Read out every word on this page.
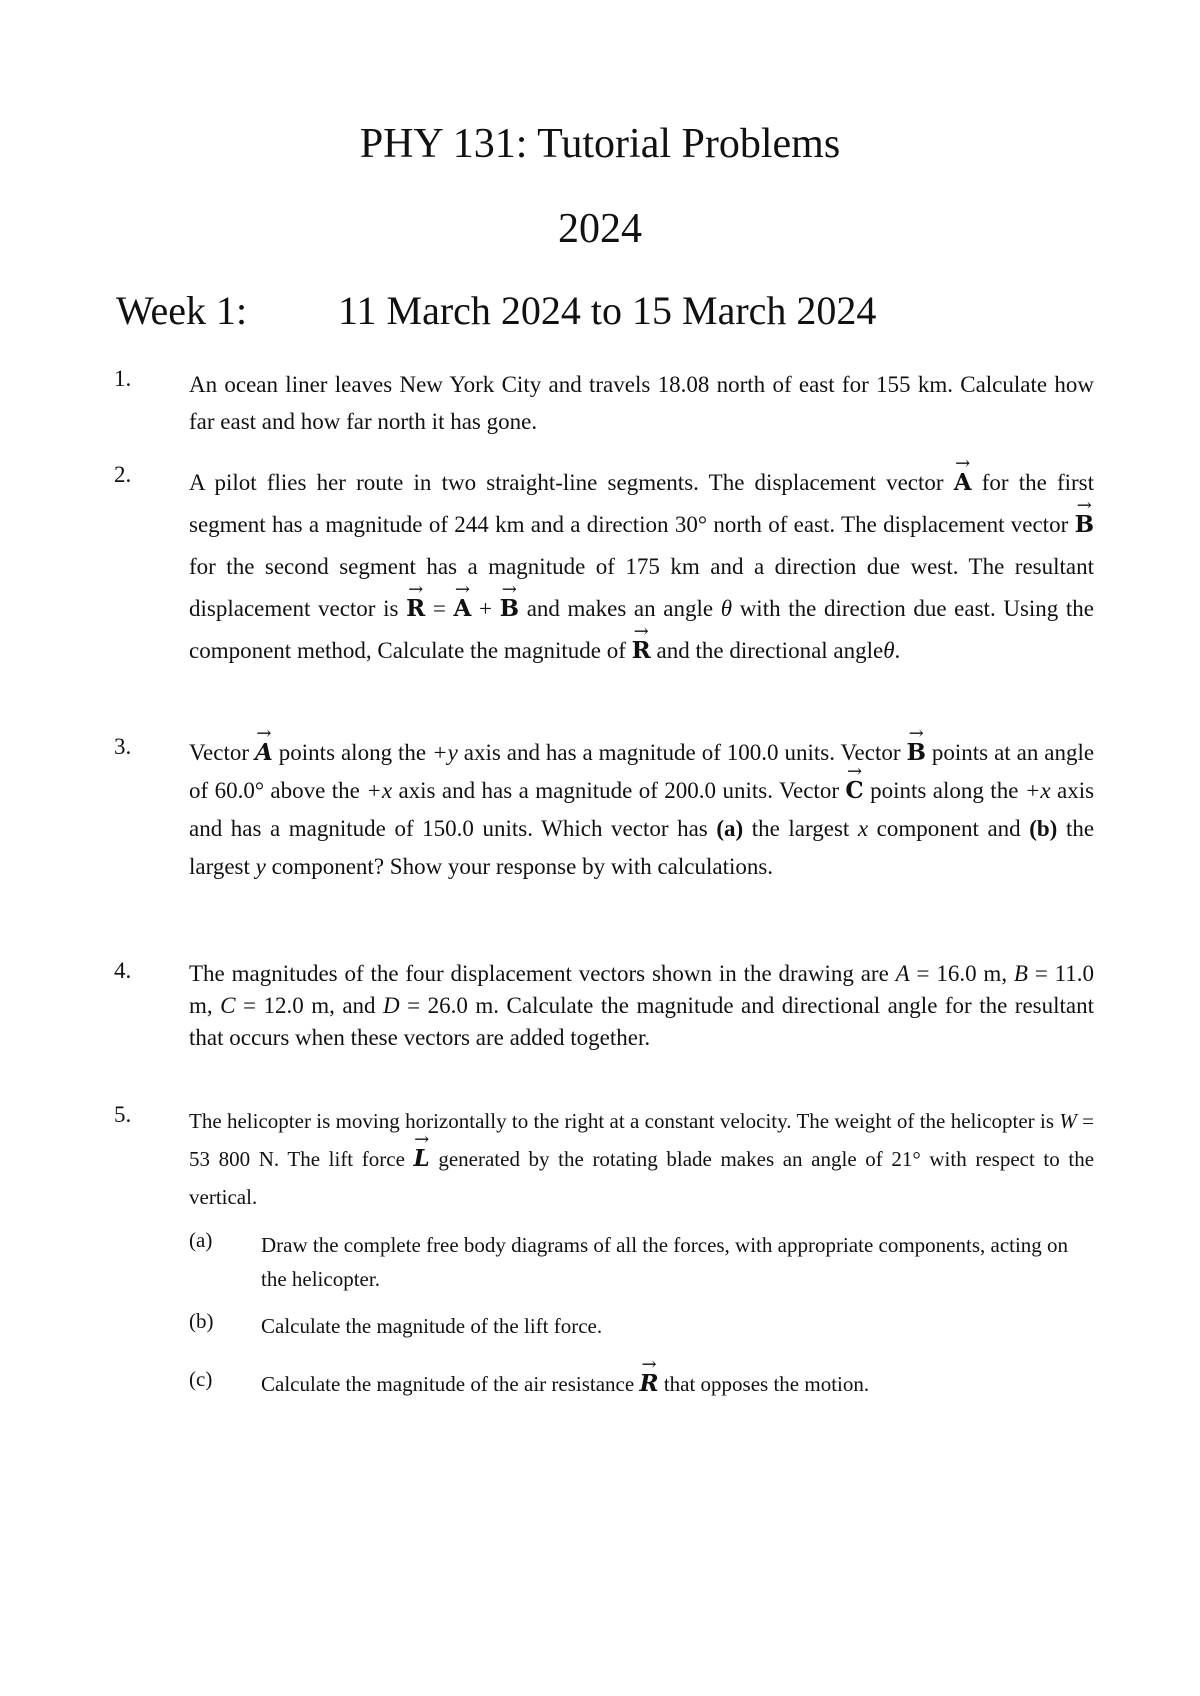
PHY 131: Tutorial Problems
2024
Week 1: 11 March 2024 to 15 March 2024
1.	An ocean liner leaves New York City and travels 18.08 north of east for 155 km. Calculate how far east and how far north it has gone.
2.	A pilot flies her route in two straight-line segments. The displacement vector
→
A for the first segment has a magnitude of 244 km and a direction 30° north of east. The displacement vector
→
B for the second segment has a magnitude of 175 km and a direction due west. The resultant displacement vector is
→
R =
→
A +
→
B and makes an angle θ with the direction due east. Using the component method, Calculate the magnitude of
→
R and the directional angleθ.
3.	Vector
→
A points along the +y axis and has a magnitude of 100.0 units. Vector
→
B points at an angle of 60.0° above the +x axis and has a magnitude of 200.0 units. Vector
→
C points along the +x axis and has a magnitude of 150.0 units. Which vector has (a) the largest x component and (b) the largest y component? Show your response by with calculations.
4.	The magnitudes of the four displacement vectors shown in the drawing are A = 16.0 m, B = 11.0 m, C = 12.0 m, and D = 26.0 m. Calculate the magnitude and directional angle for the resultant that occurs when these vectors are added together.
5.	The helicopter is moving horizontally to the right at a constant velocity. The weight of the helicopter is W = 53 800 N. The lift force
→
L generated by the rotating blade makes an angle of 21° with respect to the vertical.
(a) Draw the complete free body diagrams of all the forces, with appropriate components, acting on the helicopter.
(b) Calculate the magnitude of the lift force.
(c) Calculate the magnitude of the air resistance
→
R that opposes the motion.
